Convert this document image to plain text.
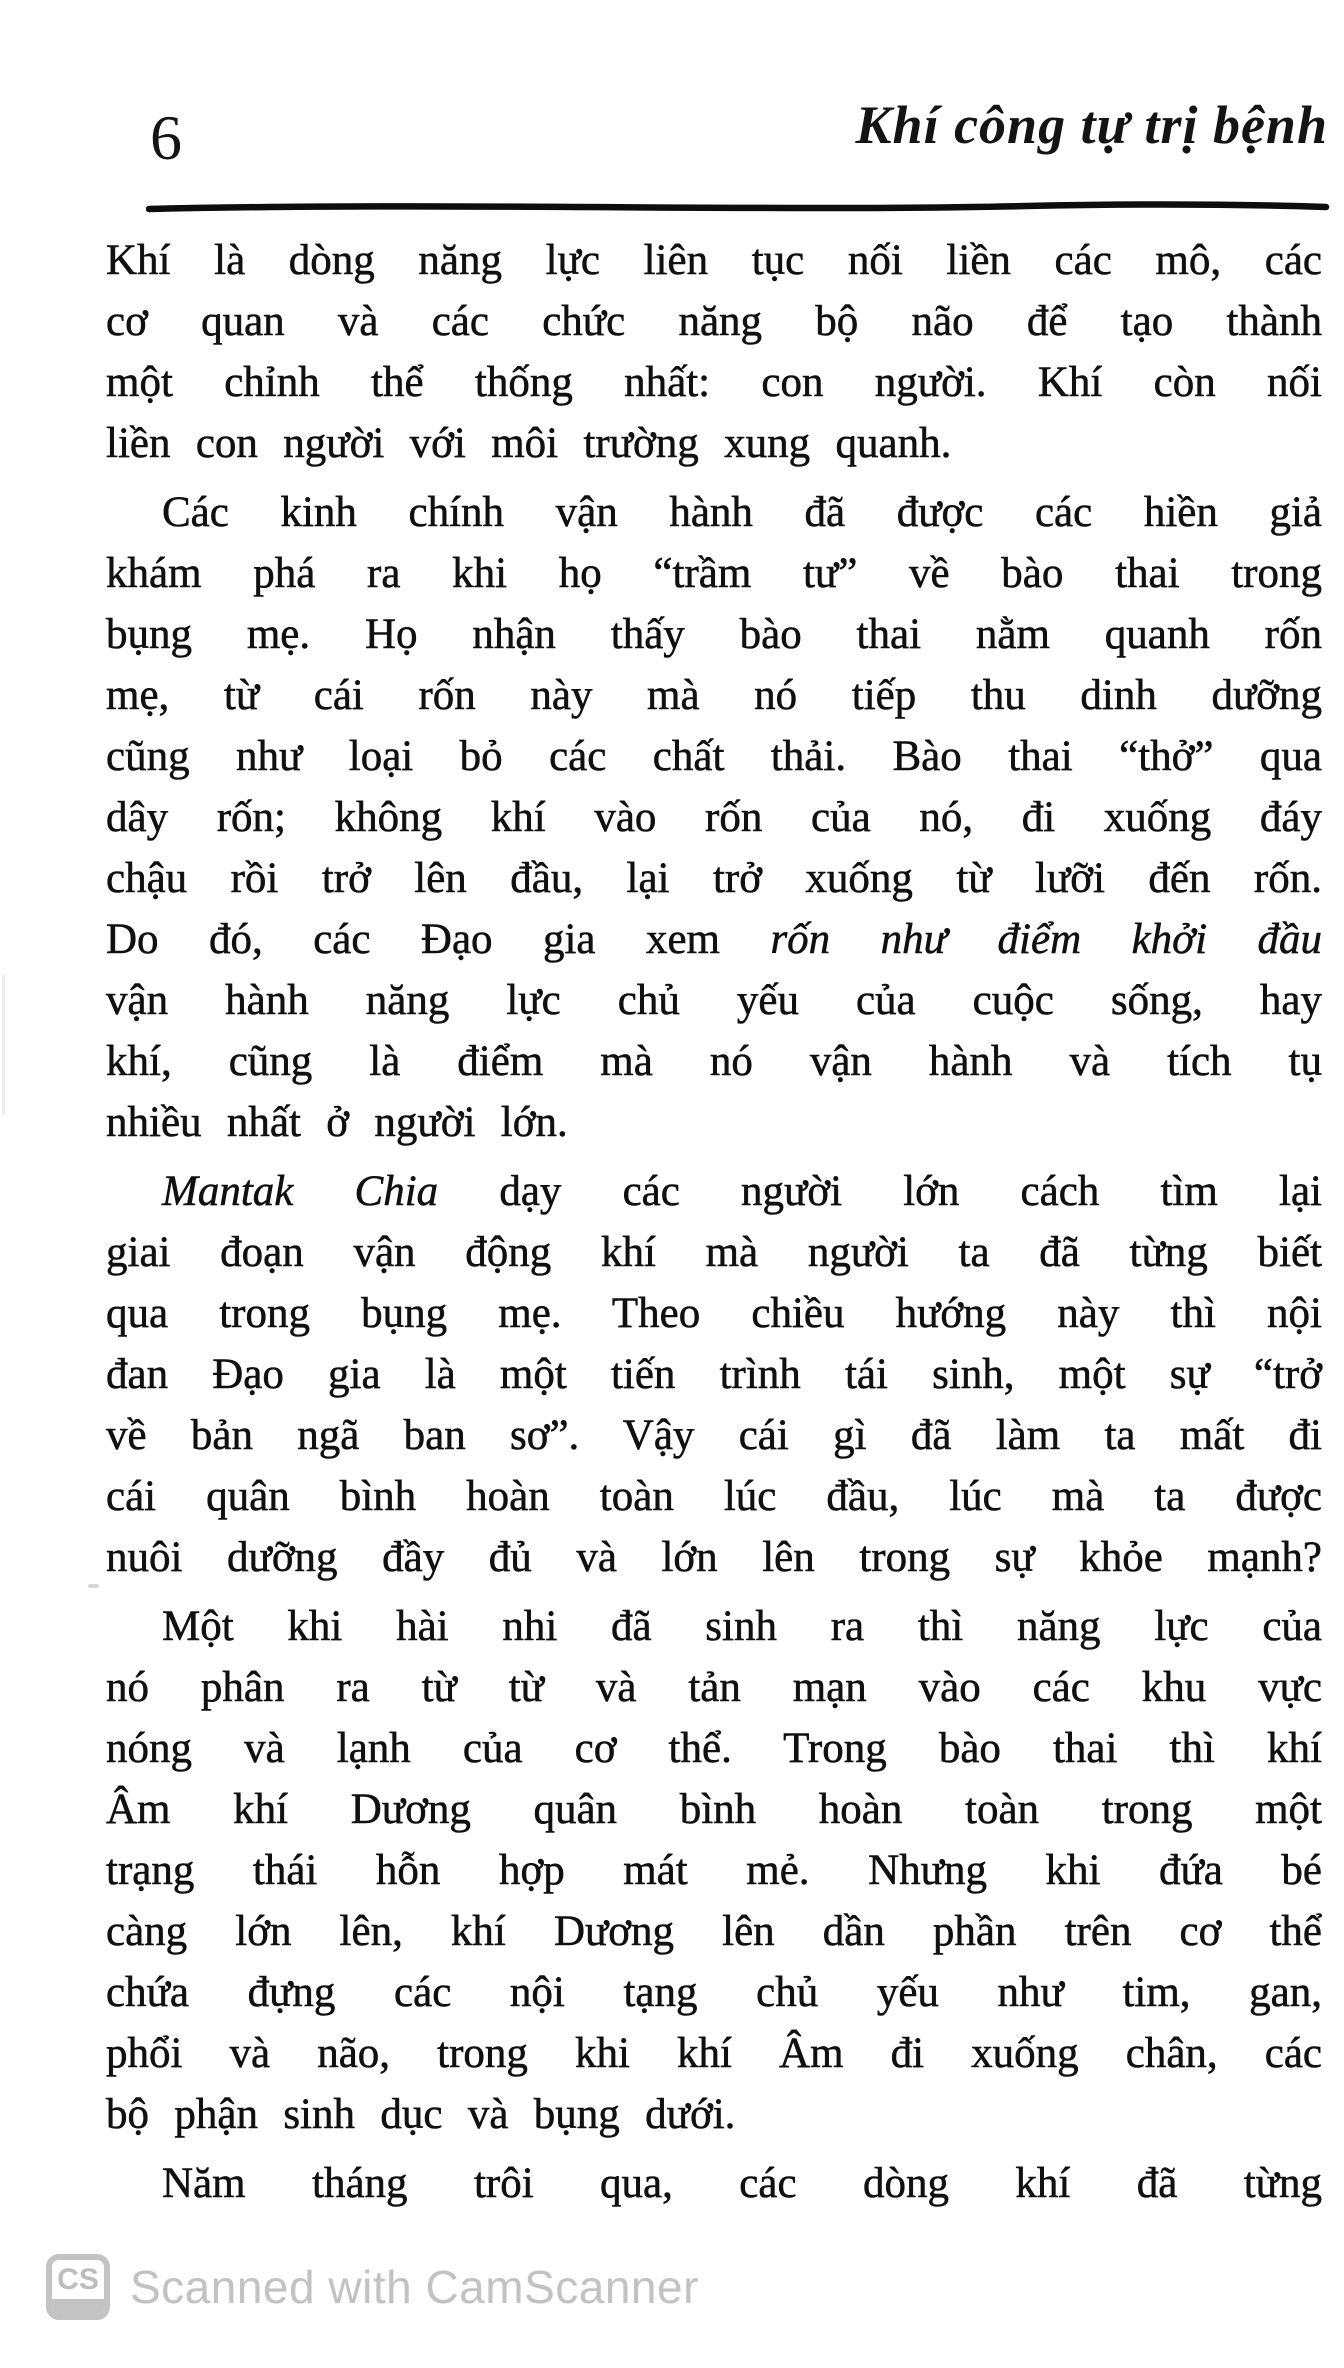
6	Khí công tự trị bệnh
Khí là dòng năng lực liên tục nối liền các mô, các
cơ quan và các chức năng bộ não để tạo thành
một chỉnh thể thống nhất: con người. Khí còn nối
liền con người với môi trường xung quanh.
Các kinh chính vận hành đã được các hiền giả
khám phá ra khi họ “trầm tư” về bào thai trong
bụng mẹ. Họ nhận thấy bào thai nằm quanh rốn
mẹ, từ cái rốn này mà nó tiếp thu dinh dưỡng
cũng như loại bỏ các chất thải. Bào thai “thở” qua
dây rốn; không khí vào rốn của nó, đi xuống đáy
chậu rồi trở lên đầu, lại trở xuống từ lưỡi đến rốn.
Do đó, các Đạo gia xem rốn như điểm khởi đầu
vận hành năng lực chủ yếu của cuộc sống, hay
khí, cũng là điểm mà nó vận hành và tích tụ
nhiều nhất ở người lớn.
Mantak Chia dạy các người lớn cách tìm lại
giai đoạn vận động khí mà người ta đã từng biết
qua trong bụng mẹ. Theo chiều hướng này thì nội
đan Đạo gia là một tiến trình tái sinh, một sự “trở
về bản ngã ban sơ”. Vậy cái gì đã làm ta mất đi
cái quân bình hoàn toàn lúc đầu, lúc mà ta được
nuôi dưỡng đầy đủ và lớn lên trong sự khỏe mạnh?
Một khi hài nhi đã sinh ra thì năng lực của
nó phân ra từ từ và tản mạn vào các khu vực
nóng và lạnh của cơ thể. Trong bào thai thì khí
Âm khí Dương quân bình hoàn toàn trong một
trạng thái hỗn hợp mát mẻ. Nhưng khi đứa bé
càng lớn lên, khí Dương lên dần phần trên cơ thể
chứa đựng các nội tạng chủ yếu như tim, gan,
phổi và não, trong khi khí Âm đi xuống chân, các
bộ phận sinh dục và bụng dưới.
Năm tháng trôi qua, các dòng khí đã từng
CS Scanned with CamScanner
